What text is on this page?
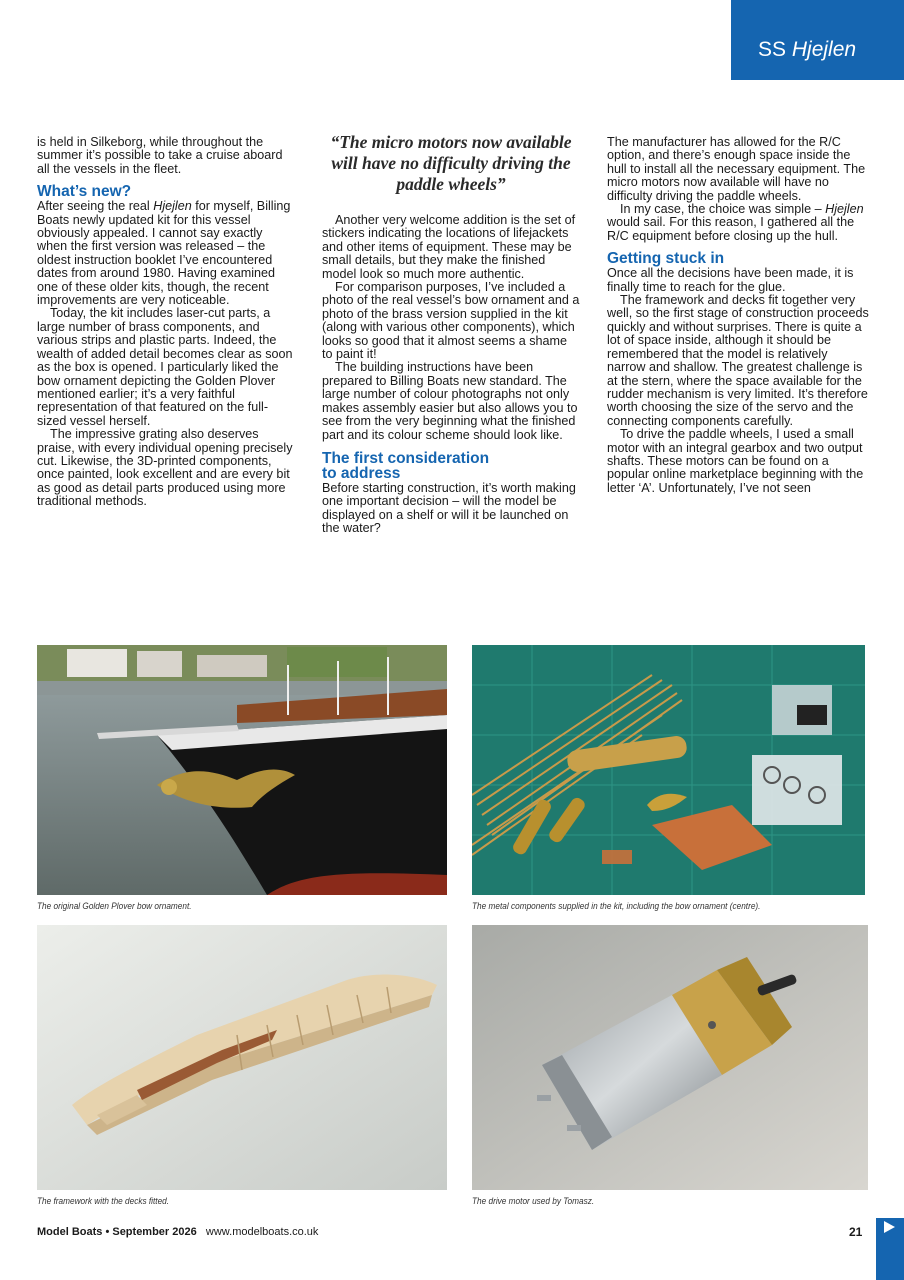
SS Hjejlen

is held in Silkeborg, while throughout the summer it’s possible to take a cruise aboard all the vessels in the fleet.

What’s new?

After seeing the real Hjejlen for myself, Billing Boats newly updated kit for this vessel obviously appealed. I cannot say exactly when the first version was released – the oldest instruction booklet I’ve encountered dates from around 1980. Having examined one of these older kits, though, the recent improvements are very noticeable.

Today, the kit includes laser-cut parts, a large number of brass components, and various strips and plastic parts. Indeed, the wealth of added detail becomes clear as soon as the box is opened. I particularly liked the bow ornament depicting the Golden Plover mentioned earlier; it’s a very faithful representation of that featured on the full-sized vessel herself.

The impressive grating also deserves praise, with every individual opening precisely cut. Likewise, the 3D-printed components, once painted, look excellent and are every bit as good as detail parts produced using more traditional methods.

“The micro motors now available will have no difficulty driving the paddle wheels”

Another very welcome addition is the set of stickers indicating the locations of lifejackets and other items of equipment. These may be small details, but they make the finished model look so much more authentic.

For comparison purposes, I’ve included a photo of the real vessel’s bow ornament and a photo of the brass version supplied in the kit (along with various other components), which looks so good that it almost seems a shame to paint it!

The building instructions have been prepared to Billing Boats new standard. The large number of colour photographs not only makes assembly easier but also allows you to see from the very beginning what the finished part and its colour scheme should look like.

The first consideration
to address

Before starting construction, it’s worth making one important decision – will the model be displayed on a shelf or will it be launched on the water?

The manufacturer has allowed for the R/C option, and there’s enough space inside the hull to install all the necessary equipment. The micro motors now available will have no difficulty driving the paddle wheels.

In my case, the choice was simple – Hjejlen would sail. For this reason, I gathered all the R/C equipment before closing up the hull.

Getting stuck in

Once all the decisions have been made, it is finally time to reach for the glue.

The framework and decks fit together very well, so the first stage of construction proceeds quickly and without surprises. There is quite a lot of space inside, although it should be remembered that the model is relatively narrow and shallow. The greatest challenge is at the stern, where the space available for the rudder mechanism is very limited. It’s therefore worth choosing the size of the servo and the connecting components carefully.

To drive the paddle wheels, I used a small motor with an integral gearbox and two output shafts. These motors can be found on a popular online marketplace beginning with the letter ‘A’. Unfortunately, I’ve not seen

The original Golden Plover bow ornament.	The metal components supplied in the kit, including the bow ornament (centre).
The framework with the decks fitted.	The drive motor used by Tomasz.
Model Boats • September 2026 www.modelboats.co.uk	21
